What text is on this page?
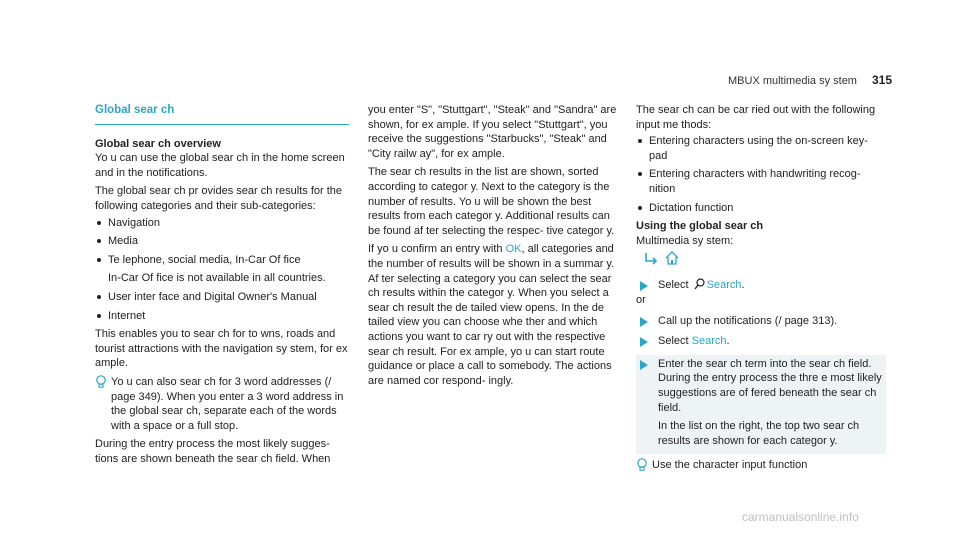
MBUX multimedia sy stem 315
Global sear ch

Global sear ch overview

Yo u can use the global sear ch in the home screen and in the notifications.

The global sear ch pr ovides sear ch results for the following categories and their sub-categories:

Navigation
Media
Te lephone, social media, In-Car Of fice
In-Car Of fice is not available in all countries.
User inter face and Digital Owner's Manual
Internet

This enables you to sear ch for to wns, roads and tourist attractions with the navigation sy stem, for ex ample.

Yo u can also sear ch for 3 word addresses (/ page 349). When you enter a 3 word address in the global sear ch, separate each of the words with a space or a full stop.

During the entry process the most likely sugges‐ tions are shown beneath the sear ch field. When

you enter "S", "Stuttgart", "Steak" and "Sandra" are shown, for ex ample. If you select "Stuttgart", you receive the suggestions "Starbucks", "Steak" and "City railw ay", for ex ample.

The sear ch results in the list are shown, sorted according to categor y. Next to the category is the number of results. Yo u will be shown the best results from each categor y. Additional results can be found af ter selecting the respec‐ tive categor y.

If yo u confirm an entry with OK, all categories and the number of results will be shown in a summar y. Af ter selecting a category you can select the sear ch results within the categor y. When you select a sear ch result the de tailed view opens. In the de tailed view you can choose whe ther and which actions you want to car ry out with the respective sear ch result. For ex ample, yo u can start route guidance or place a call to somebody. The actions are named cor respond‐ ingly.

The sear ch can be car ried out with the following input me thods:

Entering characters using the on-screen key‐ pad
Entering characters with handwriting recog‐ nition
Dictation function

Using the global sear ch

Multimedia sy stem:

Select Search.

or

Call up the notifications (/ page 313).
Select Search.

Enter the sear ch term into the sear ch field. During the entry process the thre e most likely suggestions are of fered beneath the sear ch field.

In the list on the right, the top two sear ch results are shown for each categor y.

Use the character input function
carmanualsonline.info
